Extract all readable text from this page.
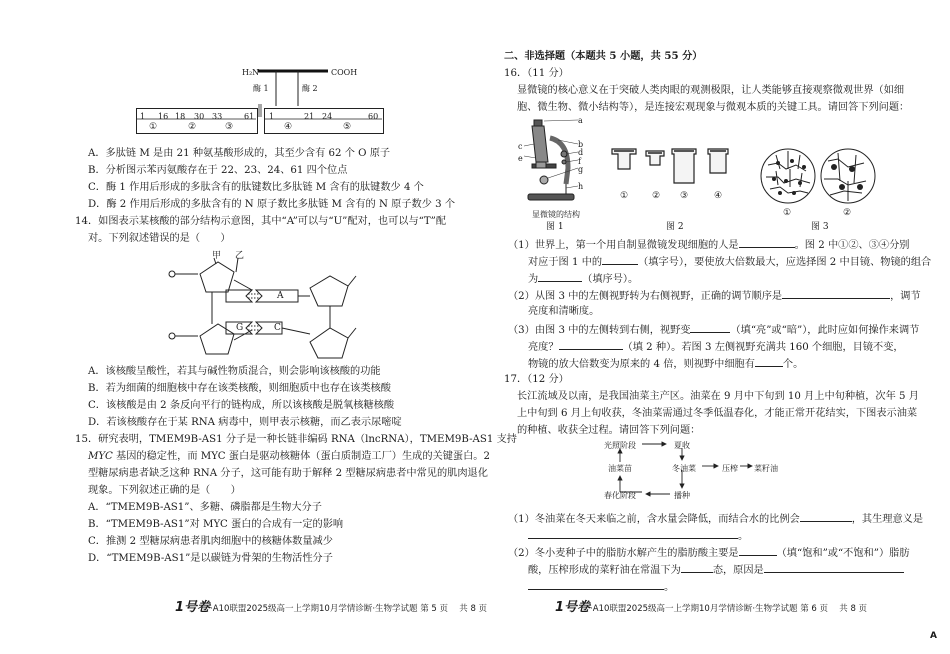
H₂N	COOH
酶 1	酶 2
1 16 18 30 33	61 1	21 24	60
①	②	③	④	⑤
A．多肽链 M 是由 21 种氨基酸形成的，其至少含有 62 个 O 原子
B．分析图示苯丙氨酸存在于 22、23、24、61 四个位点
C．酶 1 作用后形成的多肽含有的肽键数比多肽链 M 含有的肽键数少 4 个
D．酶 2 作用后形成的多肽含有的 N 原子数比多肽链 M 含有的 N 原子数少 3 个
14．如图表示某核酸的部分结构示意图，其中“A”可以与“U”配对，也可以与“T”配
对。下列叙述错误的是（　　）
甲 乙
A
G	C
A．该核酸呈酸性，若其与碱性物质混合，则会影响该核酸的功能
B．若为细菌的细胞核中存在该类核酸，则细胞质中也存在该类核酸
C．该核酸是由 2 条反向平行的链构成，所以该核酸是脱氧核糖核酸
D．若该核酸存在于某 RNA 病毒中，则甲表示核糖，而乙表示尿嘧啶
15．研究表明，TMEM9B-AS1 分子是一种长链非编码 RNA（lncRNA），TMEM9B-AS1 支持
MYC 基因的稳定性，而 MYC 蛋白是驱动核糖体（蛋白质制造工厂）生成的关键蛋白。2
型糖尿病患者缺乏这种 RNA 分子，这可能有助于解释 2 型糖尿病患者中常见的肌肉退化
现象。下列叙述正确的是（　　）
A．“TMEM9B-AS1”、多糖、磷脂都是生物大分子
B．“TMEM9B-AS1”对 MYC 蛋白的合成有一定的影响
C．推测 2 型糖尿病患者肌肉细胞中的核糖体数量减少
D．“TMEM9B-AS1”是以碳链为骨架的生物活性分子
1号卷·A10联盟2025级高一上学期10月学情诊断·生物学试题 第 5 页 　共 8 页
二、非选择题（本题共 5 小题，共 55 分）
16．（11 分）
显微镜的核心意义在于突破人类肉眼的观测极限，让人类能够直接观察微观世界（如细
胞、微生物、微小结构等），是连接宏观现象与微观本质的关键工具。请回答下列问题：
a
b
d
f
g
h
c
e
显微镜的结构
图 1
①	② ③	④
图 2
①	②
图 3
（1）世界上，第一个用自制显微镜发现细胞的人是	。图 2 中①②、③④分别
对应于图 1 中的	（填字号），要使放大倍数最大，应选择图 2 中目镜、物镜的组合
为	（填序号）。
（2）从图 3 中的左侧视野转为右侧视野，正确的调节顺序是	，调节
亮度和清晰度。
（3）由图 3 中的左侧转到右侧，视野变	（填“亮”或“暗”），此时应如何操作来调节
亮度？	（填 2 种）。若图 3 左侧视野充满共 160 个细胞，目镜不变，
物镜的放大倍数变为原来的 4 倍，则视野中细胞有	个。
17．（12 分）
长江流域及以南，是我国油菜主产区。油菜在 9 月中下旬到 10 月上中旬种植，次年 5 月
上中旬到 6 月上旬收获，冬油菜需通过冬季低温春化，才能正常开花结实，下图表示油菜
的种植、收获全过程。请回答下列问题：
光照阶段	夏收
油菜苗	冬油菜	压榨 菜籽油
春化阶段	播种
（1）冬油菜在冬天来临之前，含水量会降低，而结合水的比例会	，其生理意义是
。
（2）冬小麦种子中的脂肪水解产生的脂肪酸主要是	（填“饱和”或“不饱和”）脂肪
酸，压榨形成的菜籽油在常温下为	态，原因是
。
1号卷·A10联盟2025级高一上学期10月学情诊断·生物学试题 第 6 页 　共 8 页
A
